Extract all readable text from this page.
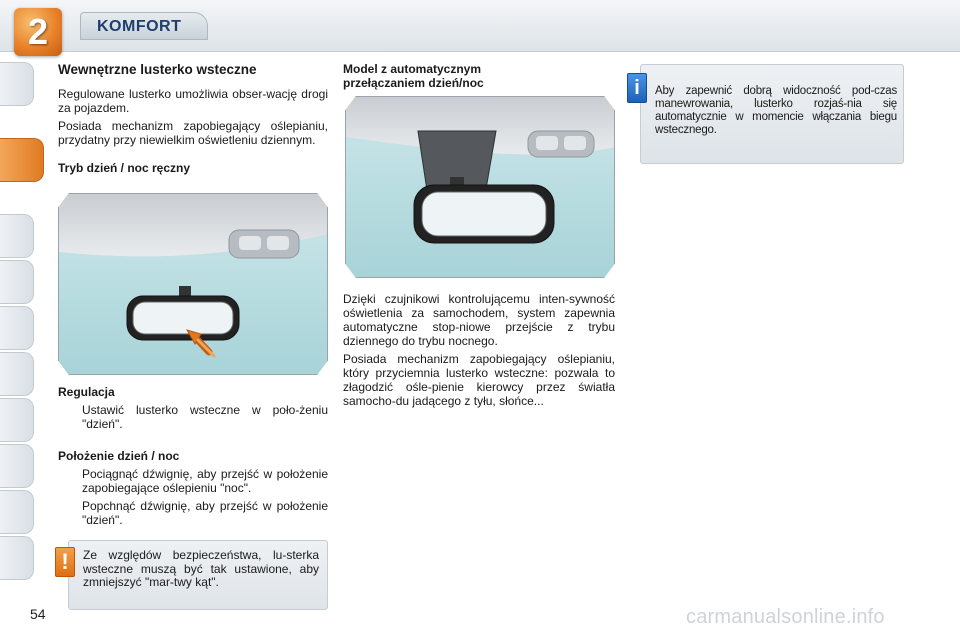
2	KOMFORT
Wewnętrzne lusterko wsteczne

Regulowane lusterko umożliwia obser-wację drogi za pojazdem.

Posiada mechanizm zapobiegający oślepianiu, przydatny przy niewielkim oświetleniu dziennym.

Tryb dzień / noc ręczny
Regulacja
Ustawić lusterko wsteczne w poło-żeniu "dzień".
Położenie dzień / noc
Pociągnąć dźwignię, aby przejść w położenie zapobiegające oślepieniu "noc".
Popchnąć dźwignię, aby przejść w położenie "dzień".
!	Ze względów bezpieczeństwa, lu-sterka wsteczne muszą być tak ustawione, aby zmniejszyć "mar-twy kąt".
Model z automatycznym
przełączaniem dzień/noc

Dzięki czujnikowi kontrolującemu inten-sywność oświetlenia za samochodem, system zapewnia automatyczne stop-niowe przejście z trybu dziennego do trybu nocnego.

Posiada mechanizm zapobiegający oślepianiu, który przyciemnia lusterko wsteczne: pozwala to złagodzić ośle-pienie kierowcy przez światła samocho-du jadącego z tyłu, słońce...

i	Aby zapewnić dobrą widoczność pod-czas manewrowania, lusterko rozjaś-nia się automatycznie w momencie włączania biegu wstecznego.
54	carmanualsonline.info
